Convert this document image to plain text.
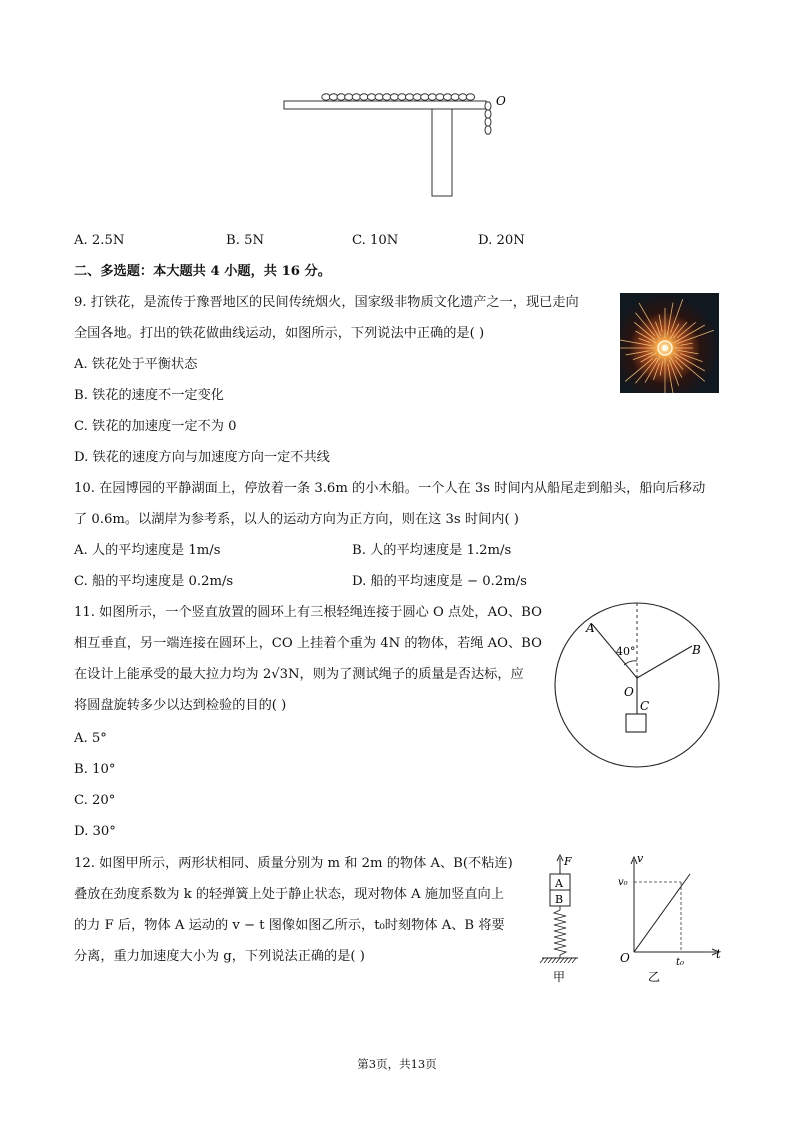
O
A. 2.5N	B. 5N	C. 10N	D. 20N
二、多选题：本大题共 4 小题，共 16 分。
9. 打铁花，是流传于豫晋地区的民间传统烟火，国家级非物质文化遗产之一，现已走向
全国各地。打出的铁花做曲线运动，如图所示，下列说法中正确的是( )
A. 铁花处于平衡状态
B. 铁花的速度不一定变化
C. 铁花的加速度一定不为 0
D. 铁花的速度方向与加速度方向一定不共线
10. 在园博园的平静湖面上，停放着一条 3.6m 的小木船。一个人在 3s 时间内从船尾走到船头，船向后移动
了 0.6m。以湖岸为参考系，以人的运动方向为正方向，则在这 3s 时间内( )
A. 人的平均速度是 1m/s	B. 人的平均速度是 1.2m/s
C. 船的平均速度是 0.2m/s	D. 船的平均速度是 − 0.2m/s
11. 如图所示，一个竖直放置的圆环上有三根轻绳连接于圆心 O 点处，AO、BO
相互垂直，另一端连接在圆环上，CO 上挂着个重为 4N 的物体，若绳 AO、BO
在设计上能承受的最大拉力均为 2√3N，则为了测试绳子的质量是否达标，应
将圆盘旋转多少以达到检验的目的( )
A. 5°
B. 10°
C. 20°
D. 30°
A
B
40°
O
C
12. 如图甲所示，两形状相同、质量分别为 m 和 2m 的物体 A、B(不粘连)
叠放在劲度系数为 k 的轻弹簧上处于静止状态，现对物体 A 施加竖直向上
的力 F 后，物体 A 运动的 v − t 图像如图乙所示，t₀时刻物体 A、B 将要
分离，重力加速度大小为 g，下列说法正确的是( )
F
A
B
甲
v
v₀
O	t
t₀
乙
第3页，共13页
